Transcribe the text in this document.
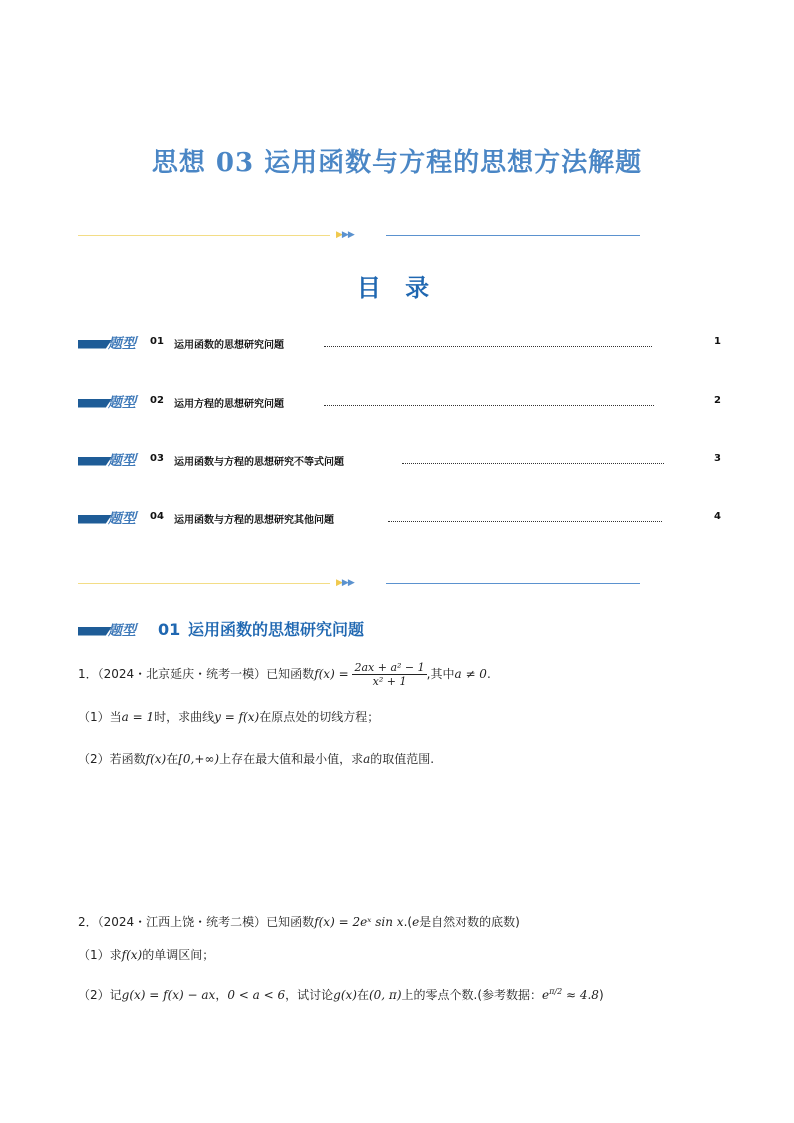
思想 03 运用函数与方程的思想方法解题
▶▶▶
目 录
题型 01 运用函数的思想研究问题	1
题型 02 运用方程的思想研究问题	2
题型 03 运用函数与方程的思想研究不等式问题	3
题型 04 运用函数与方程的思想研究其他问题	4
▶▶▶
题型 01 运用函数的思想研究问题
1．（2024・北京延庆・统考一模）已知函数$f(x) = \frac{\text{2ax + a² − 1}}{\text{x² + 1}}$ ,其中a ≠ 0.
（1）当a = 1时，求曲线y = f(x)在原点处的切线方程；
（2）若函数f(x)在[0,+∞)上存在最大值和最小值，求a的取值范围.
2．（2024・江西上饶・统考二模）已知函数f(x) = 2eˣ sin x.(e是自然对数的底数)
（1）求f(x)的单调区间；
（2）记g(x) = f(x) − ax，0 < a < 6，试讨论g(x)在(0, π)上的零点个数.(参考数据：$e^{\pi/2} \approx 4.8$)
